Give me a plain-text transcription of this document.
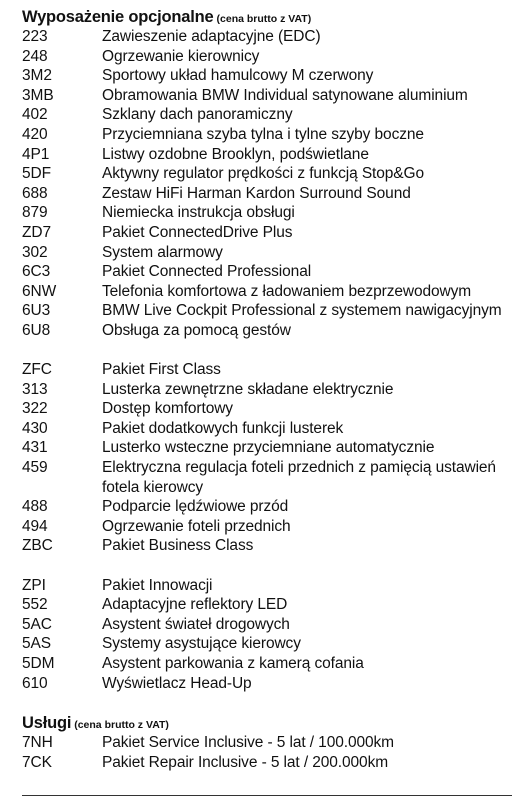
Wyposażenie opcjonalne (cena brutto z VAT)
223	Zawieszenie adaptacyjne (EDC)
248	Ogrzewanie kierownicy
3M2	Sportowy układ hamulcowy M czerwony
3MB	Obramowania BMW Individual satynowane aluminium
402	Szklany dach panoramiczny
420	Przyciemniana szyba tylna i tylne szyby boczne
4P1	Listwy ozdobne Brooklyn, podświetlane
5DF	Aktywny regulator prędkości z funkcją Stop&Go
688	Zestaw HiFi Harman Kardon Surround Sound
879	Niemiecka instrukcja obsługi
ZD7	Pakiet ConnectedDrive Plus
302	System alarmowy
6C3	Pakiet Connected Professional
6NW	Telefonia komfortowa z ładowaniem bezprzewodowym
6U3	BMW Live Cockpit Professional z systemem nawigacyjnym
6U8	Obsługa za pomocą gestów
ZFC	Pakiet First Class
313	Lusterka zewnętrzne składane elektrycznie
322	Dostęp komfortowy
430	Pakiet dodatkowych funkcji lusterek
431	Lusterko wsteczne przyciemniane automatycznie
459	Elektryczna regulacja foteli przednich z pamięcią ustawień fotela kierowcy
488	Podparcie lędźwiowe przód
494	Ogrzewanie foteli przednich
ZBC	Pakiet Business Class
ZPI	Pakiet Innowacji
552	Adaptacyjne reflektory LED
5AC	Asystent świateł drogowych
5AS	Systemy asystujące kierowcy
5DM	Asystent parkowania z kamerą cofania
610	Wyświetlacz Head-Up
Usługi (cena brutto z VAT)
7NH	Pakiet Service Inclusive - 5 lat / 100.000km
7CK	Pakiet Repair Inclusive - 5 lat / 200.000km
